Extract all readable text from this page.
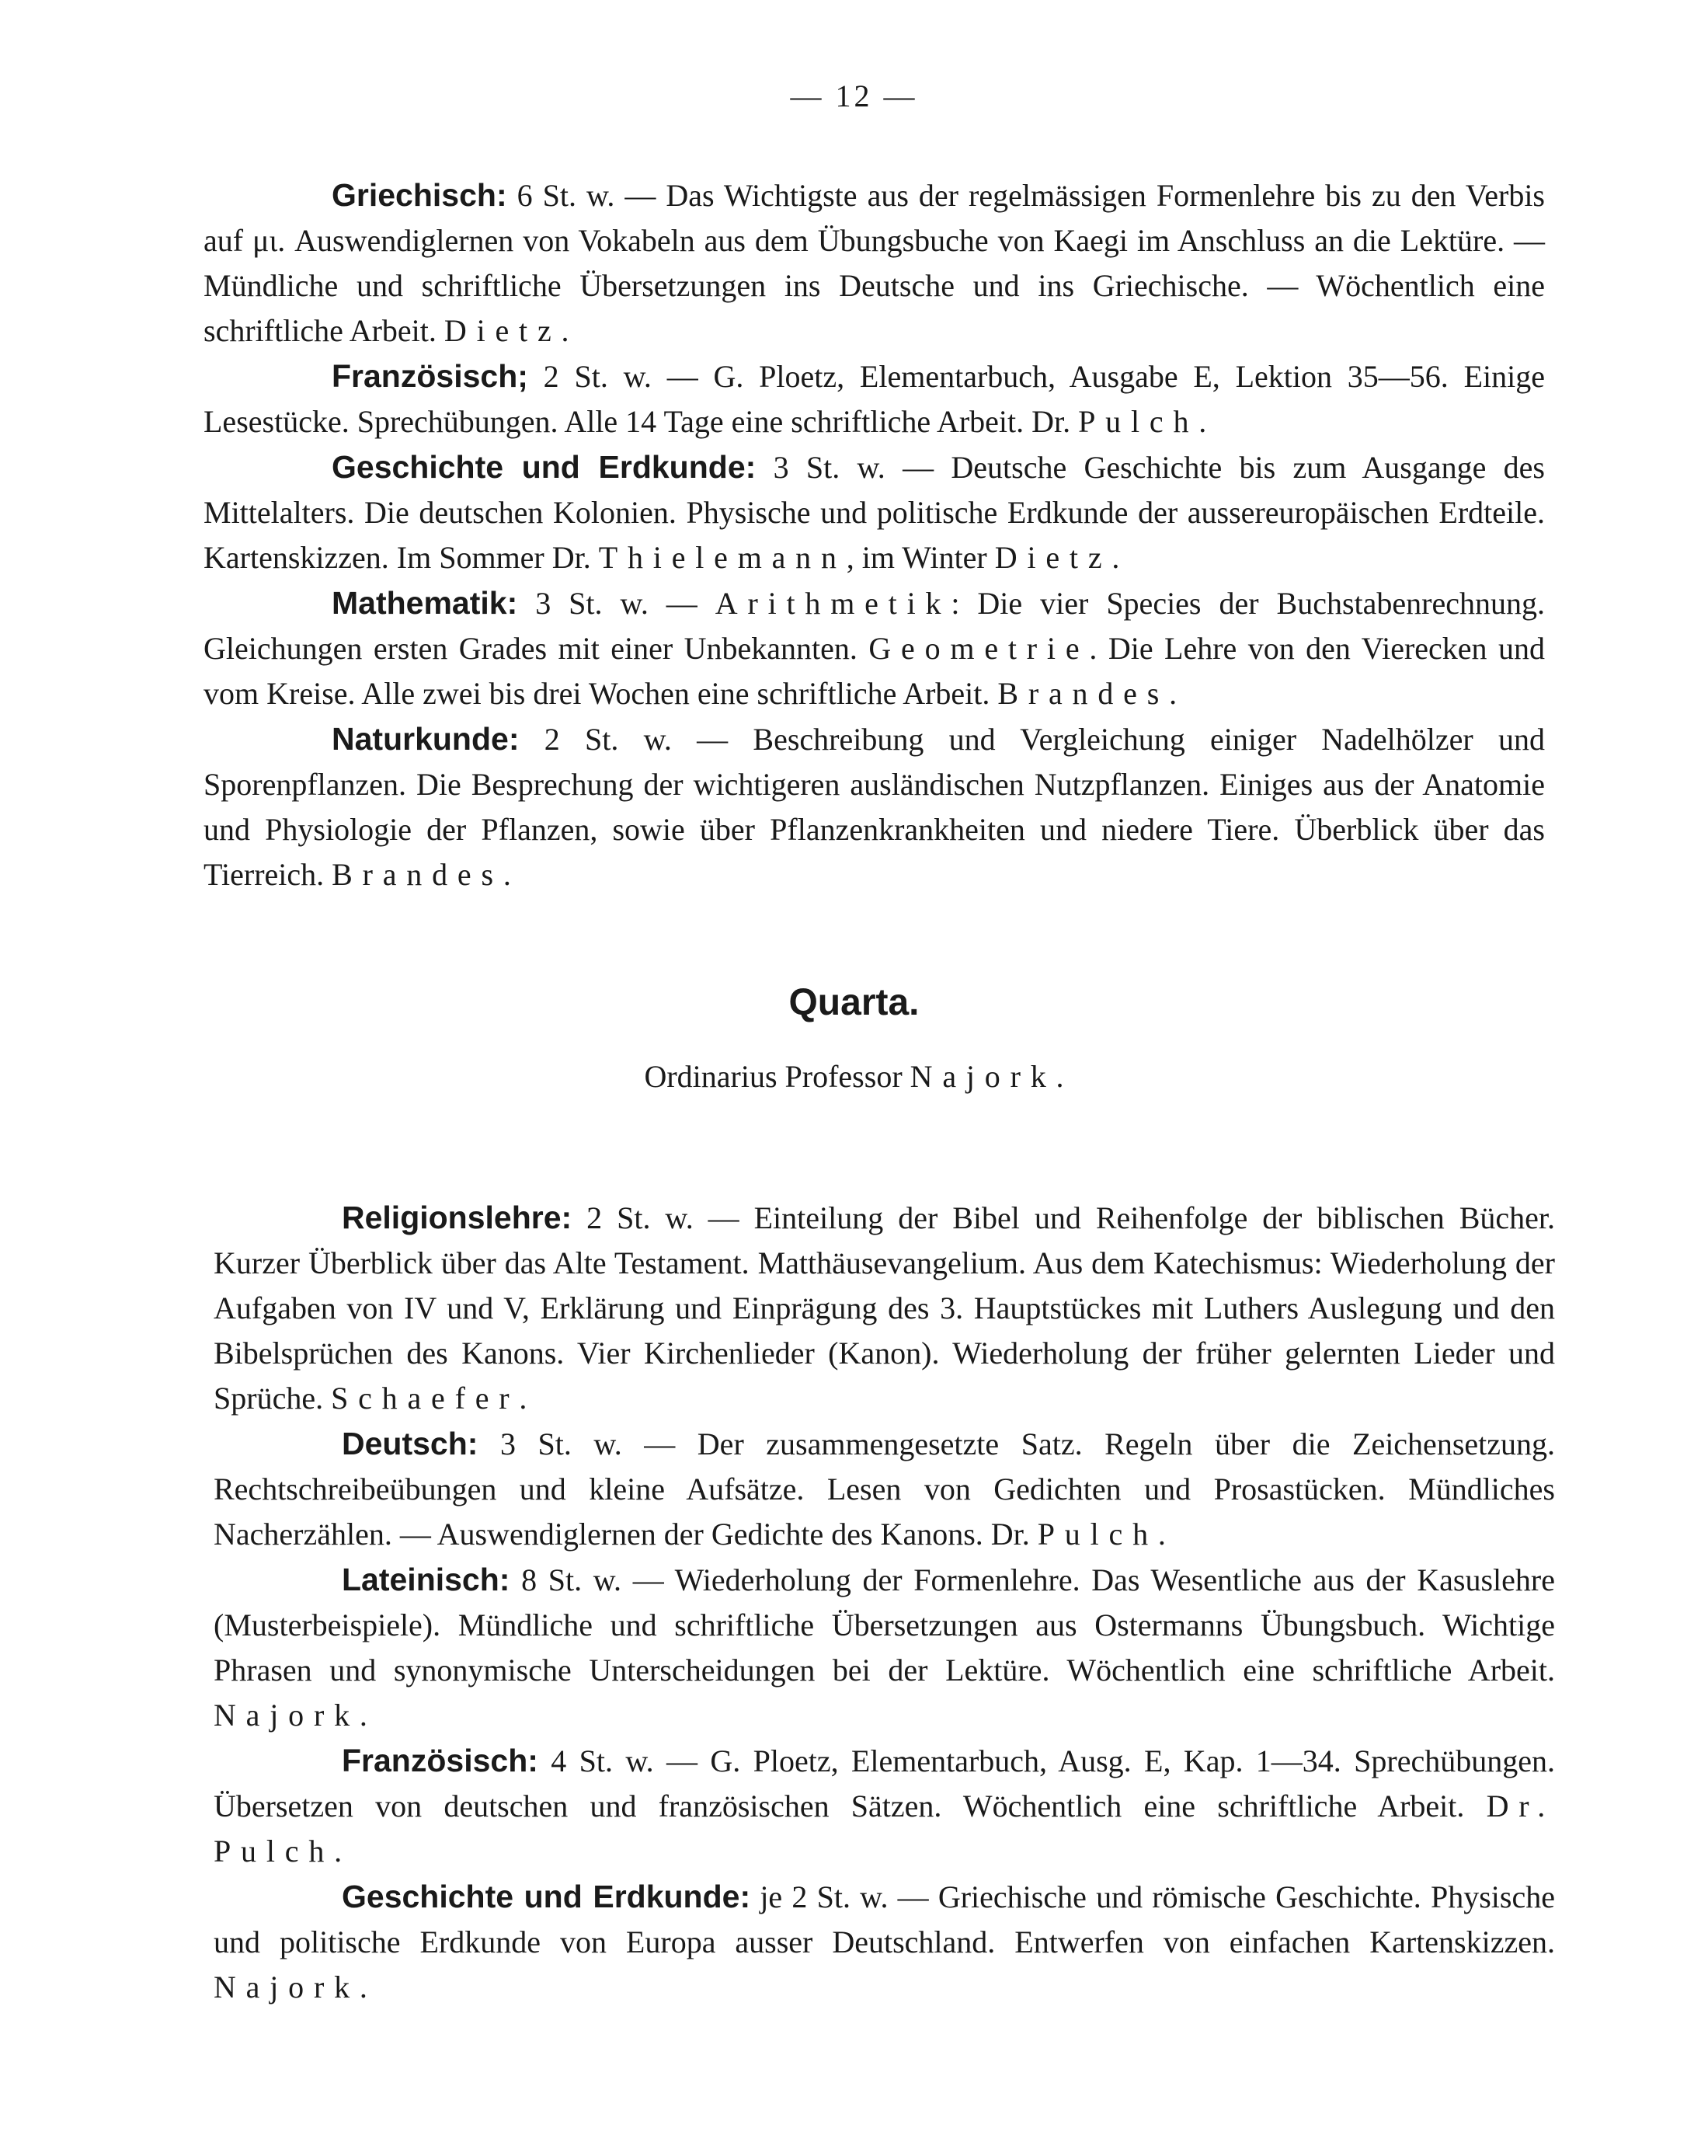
— 12 —

Griechisch: 6 St. w. — Das Wichtigste aus der regelmässigen Formenlehre bis zu den Verbis auf μι. Auswendiglernen von Vokabeln aus dem Übungsbuche von Kaegi im Anschluss an die Lektüre. — Mündliche und schriftliche Übersetzungen ins Deutsche und ins Griechische. — Wöchentlich eine schriftliche Arbeit. Dietz.

Französisch; 2 St. w. — G. Ploetz, Elementarbuch, Ausgabe E, Lektion 35—56. Einige Lesestücke. Sprechübungen. Alle 14 Tage eine schriftliche Arbeit. Dr. Pulch.

Geschichte und Erdkunde: 3 St. w. — Deutsche Geschichte bis zum Ausgange des Mittelalters. Die deutschen Kolonien. Physische und politische Erdkunde der aussereuropäischen Erdteile. Kartenskizzen. Im Sommer Dr. Thielemann, im Winter Dietz.

Mathematik: 3 St. w. — Arithmetik: Die vier Species der Buchstabenrechnung. Gleichungen ersten Grades mit einer Unbekannten. Geometrie. Die Lehre von den Vierecken und vom Kreise. Alle zwei bis drei Wochen eine schriftliche Arbeit. Brandes.

Naturkunde: 2 St. w. — Beschreibung und Vergleichung einiger Nadelhölzer und Sporenpflanzen. Die Besprechung der wichtigeren ausländischen Nutzpflanzen. Einiges aus der Anatomie und Physiologie der Pflanzen, sowie über Pflanzenkrankheiten und niedere Tiere. Überblick über das Tierreich. Brandes.

Quarta.
Ordinarius Professor Najork.

Religionslehre: 2 St. w. — Einteilung der Bibel und Reihenfolge der biblischen Bücher. Kurzer Überblick über das Alte Testament. Matthäusevangelium. Aus dem Katechismus: Wiederholung der Aufgaben von IV und V, Erklärung und Einprägung des 3. Hauptstückes mit Luthers Auslegung und den Bibelsprüchen des Kanons. Vier Kirchenlieder (Kanon). Wiederholung der früher gelernten Lieder und Sprüche. Schaefer.

Deutsch: 3 St. w. — Der zusammengesetzte Satz. Regeln über die Zeichensetzung. Rechtschreibeübungen und kleine Aufsätze. Lesen von Gedichten und Prosastücken. Mündliches Nacherzählen. — Auswendiglernen der Gedichte des Kanons. Dr. Pulch.

Lateinisch: 8 St. w. — Wiederholung der Formenlehre. Das Wesentliche aus der Kasuslehre (Musterbeispiele). Mündliche und schriftliche Übersetzungen aus Ostermanns Übungsbuch. Wichtige Phrasen und synonymische Unterscheidungen bei der Lektüre. Wöchentlich eine schriftliche Arbeit. Najork.

Französisch: 4 St. w. — G. Ploetz, Elementarbuch, Ausg. E, Kap. 1—34. Sprechübungen. Übersetzen von deutschen und französischen Sätzen. Wöchentlich eine schriftliche Arbeit. Dr. Pulch.

Geschichte und Erdkunde: je 2 St. w. — Griechische und römische Geschichte. Physische und politische Erdkunde von Europa ausser Deutschland. Entwerfen von einfachen Kartenskizzen. Najork.
